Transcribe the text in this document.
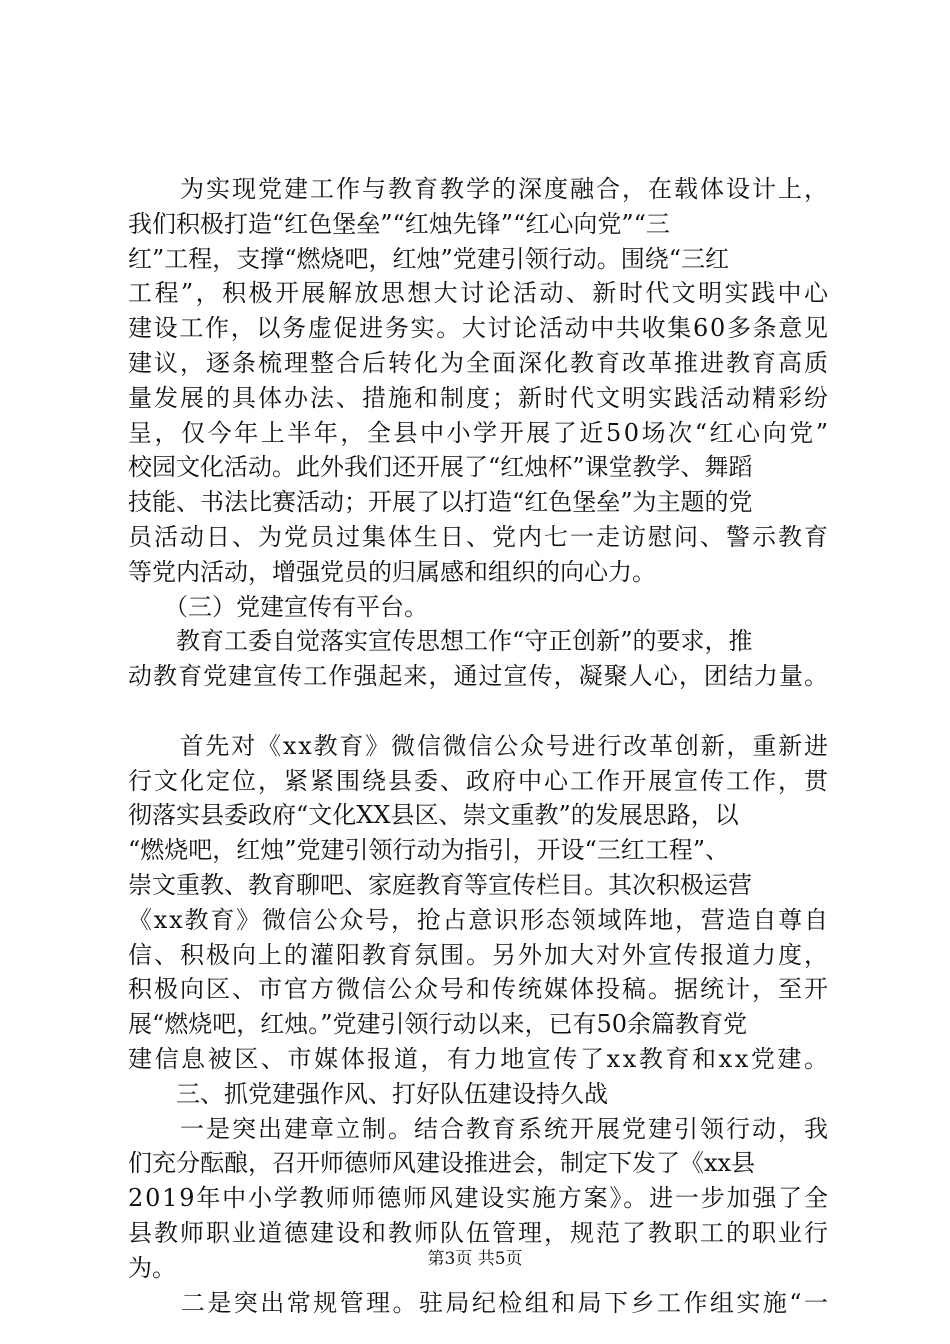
　　为实现党建工作与教育教学的深度融合，在载体设计上，
我们积极打造“红色堡垒”“红烛先锋”“红心向党”“三
红”工程，支撑“燃烧吧，红烛”党建引领行动。围绕“三红
工程”，积极开展解放思想大讨论活动、新时代文明实践中心
建设工作，以务虚促进务实。大讨论活动中共收集60多条意见
建议，逐条梳理整合后转化为全面深化教育改革推进教育高质
量发展的具体办法、措施和制度；新时代文明实践活动精彩纷
呈，仅今年上半年，全县中小学开展了近50场次“红心向党”
校园文化活动。此外我们还开展了“红烛杯”课堂教学、舞蹈
技能、书法比赛活动；开展了以打造“红色堡垒”为主题的党
员活动日、为党员过集体生日、党内七一走访慰问、警示教育
等党内活动，增强党员的归属感和组织的向心力。
　　（三）党建宣传有平台。
　　教育工委自觉落实宣传思想工作“守正创新”的要求，推
动教育党建宣传工作强起来，通过宣传，凝聚人心，团结力量。
　　首先对《xx教育》微信微信公众号进行改革创新，重新进
行文化定位，紧紧围绕县委、政府中心工作开展宣传工作，贯
彻落实县委政府“文化XX县区、崇文重教”的发展思路，以
“燃烧吧，红烛”党建引领行动为指引，开设“三红工程”、
崇文重教、教育聊吧、家庭教育等宣传栏目。其次积极运营
《xx教育》微信公众号，抢占意识形态领域阵地，营造自尊自
信、积极向上的灌阳教育氛围。另外加大对外宣传报道力度，
积极向区、市官方微信公众号和传统媒体投稿。据统计，至开
展“燃烧吧，红烛。”党建引领行动以来，已有50余篇教育党
建信息被区、市媒体报道，有力地宣传了xx教育和xx党建。
　　三、抓党建强作风、打好队伍建设持久战
　　一是突出建章立制。结合教育系统开展党建引领行动，我
们充分酝酿，召开师德师风建设推进会，制定下发了《xx县
2019年中小学教师师德师风建设实施方案》。进一步加强了全
县教师职业道德建设和教师队伍管理，规范了教职工的职业行
为。
　　二是突出常规管理。驻局纪检组和局下乡工作组实施“一
第3页 共5页
